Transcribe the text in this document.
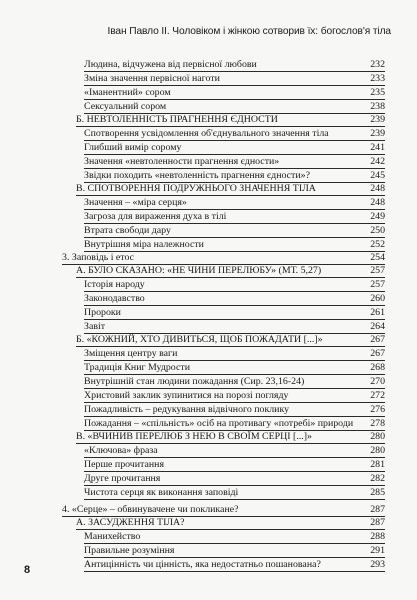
Іван Павло II. Чоловіком і жінкою сотворив їх: богослов'я тіла
Людина, відчужена від первісної любови	232
Зміна значення первісної наготи	233
«Іманентний» сором	235
Сексуальний сором	238
Б. НЕВТОЛЕННІСТЬ ПРАГНЕННЯ ЄДНОСТИ	239
Спотворення усвідомлення об'єднувального значення тіла	239
Глибший вимір сорому	241
Значення «невтоленности прагнення єдности»	242
Звідки походить «невтоленність прагнення єдности»?	245
В. СПОТВОРЕННЯ ПОДРУЖНЬОГО ЗНАЧЕННЯ ТІЛА	248
Значення – «міра серця»	248
Загроза для вираження духа в тілі	249
Втрата свободи дару	250
Внутрішня міра належности	252
3. Заповідь і етос	254
А. БУЛО СКАЗАНО: «НЕ ЧИНИ ПЕРЕЛЮБУ» (МТ. 5,27)	257
Історія народу	257
Законодавство	260
Пророки	261
Завіт	264
Б. «КОЖНИЙ, ХТО ДИВИТЬСЯ, ЩОБ ПОЖАДАТИ [...]»	267
Зміщення центру ваги	267
Традиція Книг Мудрости	268
Внутрішній стан людини пожадання (Сир. 23,16-24)	270
Христовий заклик зупинитися на порозі погляду	272
Пожадливість – редукування відвічного поклику	276
Пожадання – «спільність» осіб на противагу «потребі» природи	278
В. «ВЧИНИВ ПЕРЕЛЮБ З НЕЮ В СВОЇМ СЕРЦІ [...]»	280
«Ключова» фраза	280
Перше прочитання	281
Друге прочитання	282
Чистота серця як виконання заповіді	285
4. «Серце» – обвинувачене чи покликане?	287
А. ЗАСУДЖЕННЯ ТІЛА?	287
Манихейство	288
Правильне розуміння	291
Антицінність чи цінність, яка недостатньо пошанована?	293
8
